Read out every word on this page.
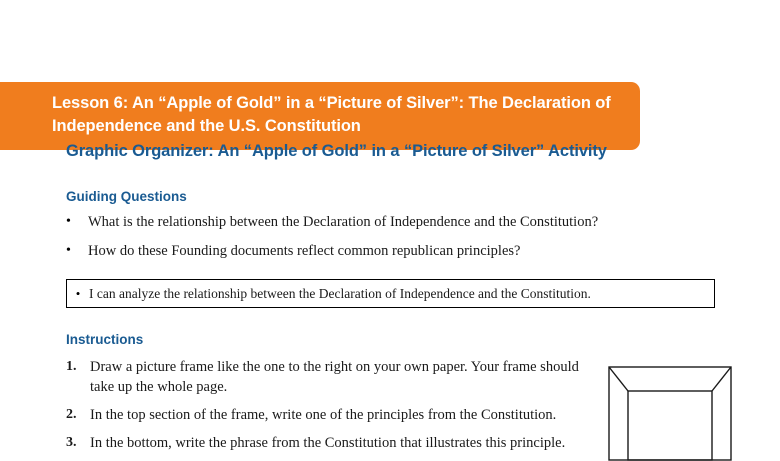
Lesson 6: An “Apple of Gold” in a “Picture of Silver”: The Declaration of Independence and the U.S. Constitution
Graphic Organizer: An “Apple of Gold” in a “Picture of Silver” Activity
Guiding Questions
•	What is the relationship between the Declaration of Independence and the Constitution?
•	How do these Founding documents reflect common republican principles?
• I can analyze the relationship between the Declaration of Independence and the Constitution.
Instructions
1. Draw a picture frame like the one to the right on your own paper. Your frame should take up the whole page.
2. In the top section of the frame, write one of the principles from the Constitution.
3. In the bottom, write the phrase from the Constitution that illustrates this principle.
